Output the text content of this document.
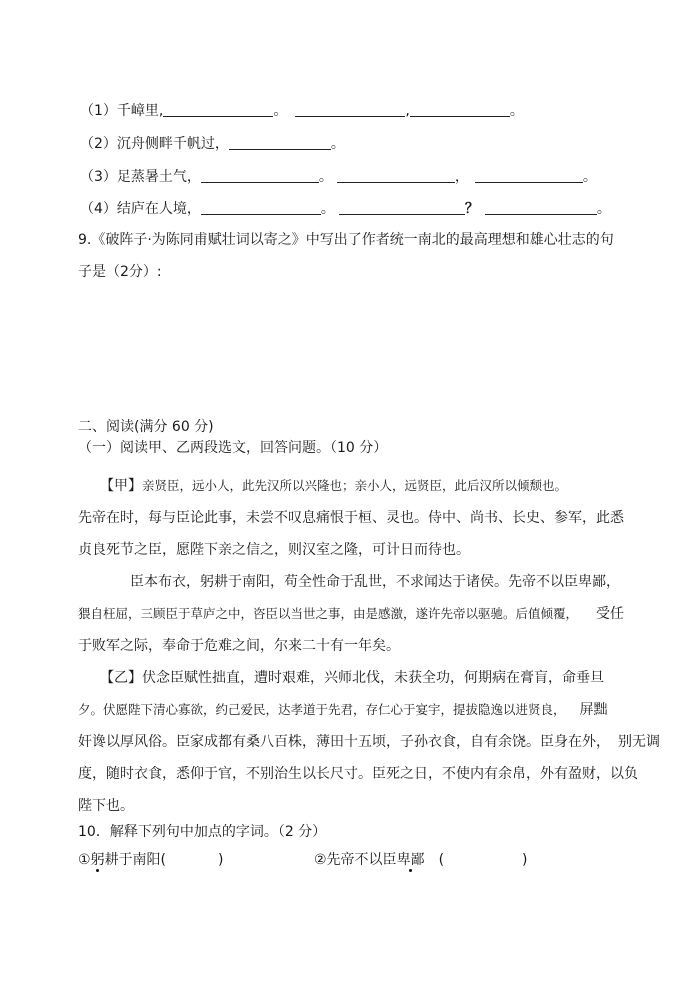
（1）千嶂里,	。	,	。
（2）沉舟侧畔千帆过，	。
（3）足蒸暑土气，	。	，	。
（4）结庐在人境，	。	？	。
9.《破阵子·为陈同甫赋壮词以寄之》中写出了作者统一南北的最高理想和雄心壮志的句
子是（2分）:
二、阅读(满分 60 分)
（一）阅读甲、乙两段选文，回答问题。（10 分）
【甲】亲贤臣，远小人，此先汉所以兴隆也；亲小人，远贤臣，此后汉所以倾颓也。
先帝在时，每与臣论此事，未尝不叹息痛恨于桓、灵也。侍中、尚书、长史、参军，此悉
贞良死节之臣，愿陛下亲之信之，则汉室之隆，可计日而待也。
臣本布衣，躬耕于南阳，苟全性命于乱世，不求闻达于诸侯。先帝不以臣卑鄙，
猥自枉屈，三顾臣于草庐之中，咨臣以当世之事，由是感激，遂许先帝以驱驰。后值倾覆， 受任
于败军之际，奉命于危难之间，尔来二十有一年矣。
【乙】伏念臣赋性拙直，遭时艰难，兴师北伐，未获全功，何期病在膏肓，命垂旦
夕。伏愿陛下清心寡欲，约己爱民，达孝道于先君，存仁心于宴宇，提拔隐逸以进贤良， 屏黜
奸谗以厚风俗。臣家成都有桑八百株，薄田十五顷，子孙衣食，自有余饶。臣身在外， 别无调
度，随时衣食，悉仰于官，不别治生以长尺寸。臣死之日，不使内有余帛，外有盈财，以负
陛下也。
10．解释下列句中加点的字词。（2 分）
①躬耕于南阳(	)	②先帝不以臣卑鄙 (	)
